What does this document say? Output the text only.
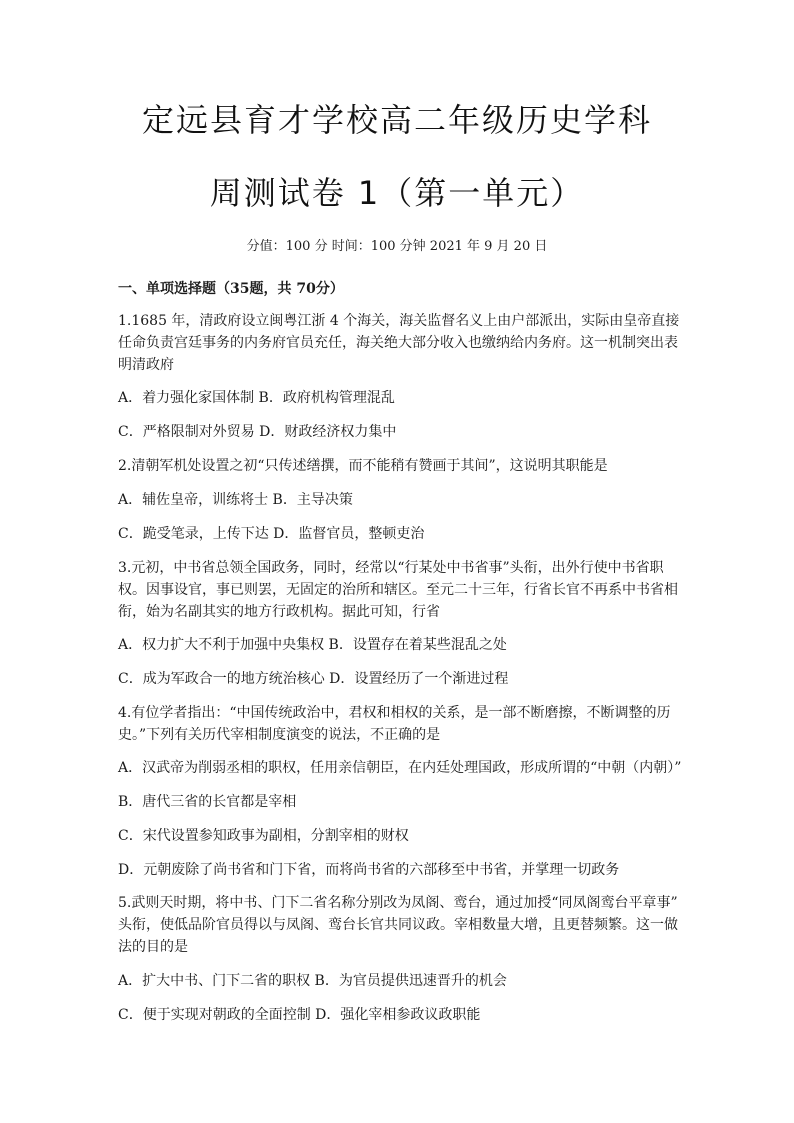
定远县育才学校高二年级历史学科
周测试卷 1（第一单元）
分值：100 分 时间：100 分钟 2021 年 9 月 20 日
一、单项选择题（35题，共 70分）
1.1685 年，清政府设立闽粤江浙 4 个海关，海关监督名义上由户部派出，实际由皇帝直接
任命负责宫廷事务的内务府官员充任，海关绝大部分收入也缴纳给内务府。这一机制突出表
明清政府
A．着力强化家国体制 B．政府机构管理混乱
C．严格限制对外贸易 D．财政经济权力集中
2.清朝军机处设置之初“只传述缮撰，而不能稍有赞画于其间”，这说明其职能是
A．辅佐皇帝，训练将士 B．主导决策
C．跪受笔录，上传下达 D．监督官员，整顿吏治
3.元初，中书省总领全国政务，同时，经常以“行某处中书省事”头衔，出外行使中书省职
权。因事设官，事已则罢，无固定的治所和辖区。至元二十三年，行省长官不再系中书省相
衔，始为名副其实的地方行政机构。据此可知，行省
A．权力扩大不利于加强中央集权 B．设置存在着某些混乱之处
C．成为军政合一的地方统治核心 D．设置经历了一个渐进过程
4.有位学者指出：“中国传统政治中，君权和相权的关系，是一部不断磨擦，不断调整的历
史。”下列有关历代宰相制度演变的说法，不正确的是
A．汉武帝为削弱丞相的职权，任用亲信朝臣，在内廷处理国政，形成所谓的“中朝（内朝）”
B．唐代三省的长官都是宰相
C．宋代设置参知政事为副相，分割宰相的财权
D．元朝废除了尚书省和门下省，而将尚书省的六部移至中书省，并掌理一切政务
5.武则天时期，将中书、门下二省名称分别改为凤阁、鸾台，通过加授“同凤阁鸾台平章事”
头衔，使低品阶官员得以与凤阁、鸾台长官共同议政。宰相数量大增，且更替频繁。这一做
法的目的是
A．扩大中书、门下二省的职权 B．为官员提供迅速晋升的机会
C．便于实现对朝政的全面控制 D．强化宰相参政议政职能
